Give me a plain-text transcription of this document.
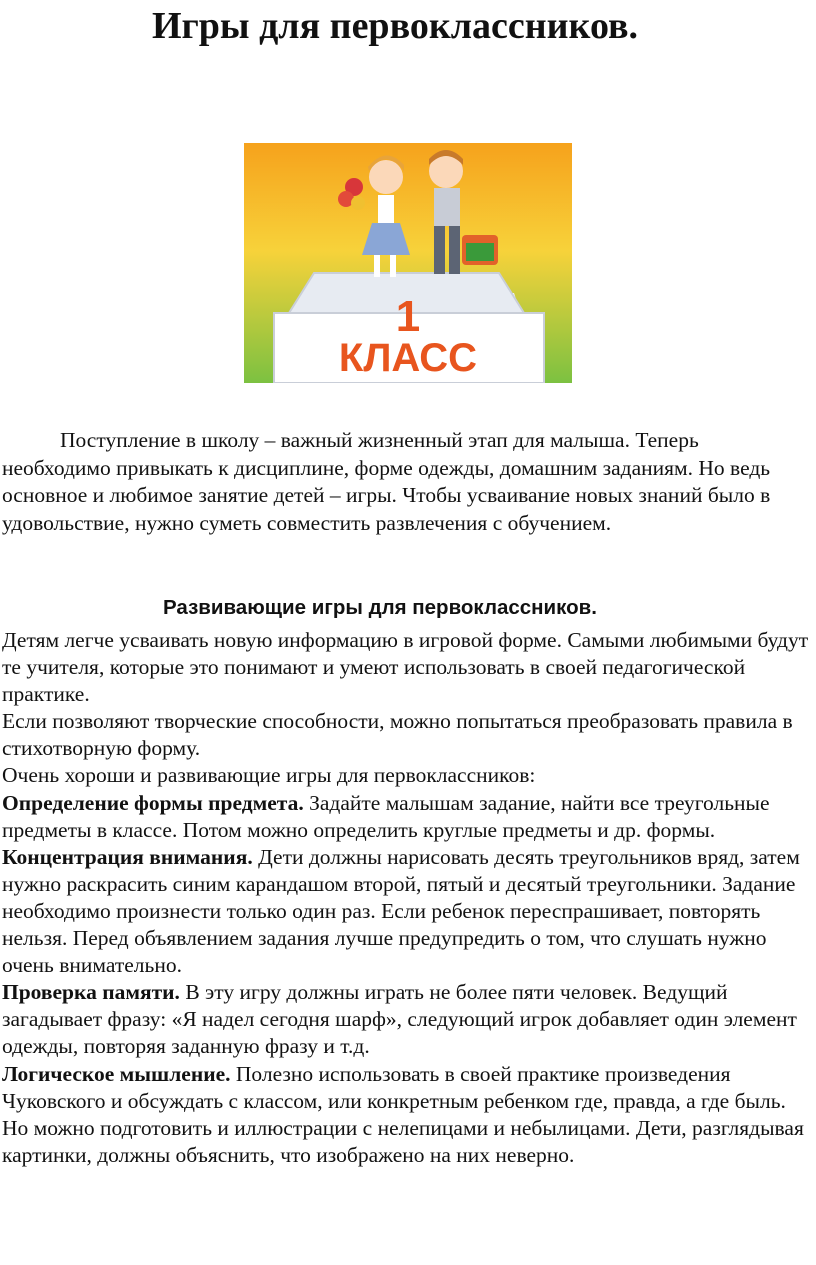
Игры для первоклассников.
1
КЛАСС

Поступление в школу – важный жизненный этап для малыша. Теперь необходимо привыкать к дисциплине, форме одежды, домашним заданиям. Но ведь основное и любимое занятие детей – игры. Чтобы усваивание новых знаний было в удовольствие, нужно суметь совместить развлечения с обучением.

Развивающие игры для первоклассников.

Детям легче усваивать новую информацию в игровой форме. Самыми любимыми будут те учителя, которые это понимают и умеют использовать в своей педагогической практике.

Если позволяют творческие способности, можно попытаться преобразовать правила в стихотворную форму.

Очень хороши и развивающие игры для первоклассников:

Определение формы предмета. Задайте малышам задание, найти все треугольные предметы в классе. Потом можно определить круглые предметы и др. формы.

Концентрация внимания. Дети должны нарисовать десять треугольников вряд, затем нужно раскрасить синим карандашом второй, пятый и десятый треугольники. Задание необходимо произнести только один раз. Если ребенок переспрашивает, повторять нельзя. Перед объявлением задания лучше предупредить о том, что слушать нужно очень внимательно.

Проверка памяти. В эту игру должны играть не более пяти человек. Ведущий загадывает фразу: «Я надел сегодня шарф», следующий игрок добавляет один элемент одежды, повторяя заданную фразу и т.д.

Логическое мышление. Полезно использовать в своей практике произведения Чуковского и обсуждать с классом, или конкретным ребенком где, правда, а где быль. Но можно подготовить и иллюстрации с нелепицами и небылицами. Дети, разглядывая картинки, должны объяснить, что изображено на них неверно.
